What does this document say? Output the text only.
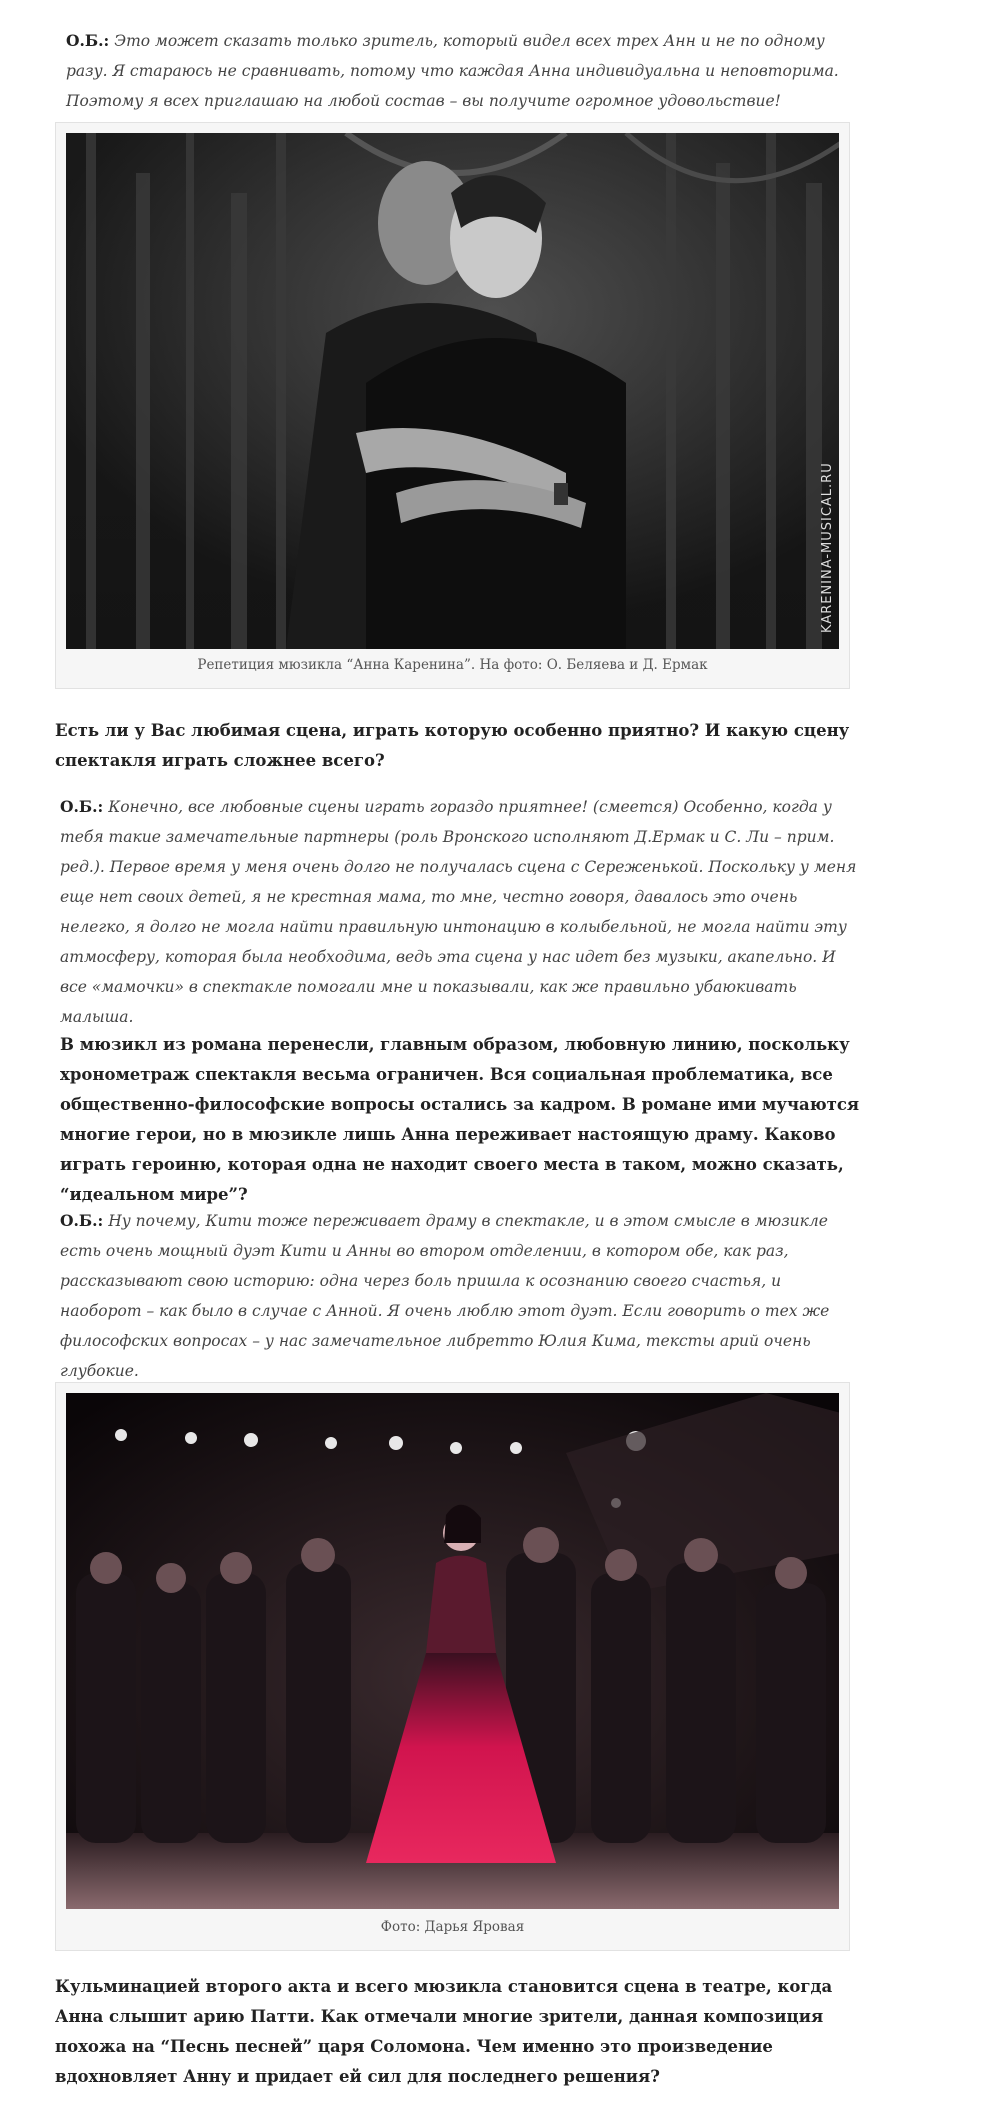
О.Б.: Это может сказать только зритель, который видел всех трех Анн и не по одному разу. Я стараюсь не сравнивать, потому что каждая Анна индивидуальна и неповторима. Поэтому я всех приглашаю на любой состав – вы получите огромное удовольствие!
KARENINA-MUSICAL.RU
Репетиция мюзикла “Анна Каренина”. На фото: О. Беляева и Д. Ермак
Есть ли у Вас любимая сцена, играть которую особенно приятно? И какую сцену спектакля играть сложнее всего?
О.Б.: Конечно, все любовные сцены играть гораздо приятнее! (смеется) Особенно, когда у тебя такие замечательные партнеры (роль Вронского исполняют Д.Ермак и С. Ли – прим. ред.). Первое время у меня очень долго не получалась сцена с Сереженькой. Поскольку у меня еще нет своих детей, я не крестная мама, то мне, честно говоря, давалось это очень нелегко, я долго не могла найти правильную интонацию в колыбельной, не могла найти эту атмосферу, которая была необходима, ведь эта сцена у нас идет без музыки, акапельно. И все «мамочки» в спектакле помогали мне и показывали, как же правильно убаюкивать малыша.
В мюзикл из романа перенесли, главным образом, любовную линию, поскольку хронометраж спектакля весьма ограничен. Вся социальная проблематика, все общественно-философские вопросы остались за кадром. В романе ими мучаются многие герои, но в мюзикле лишь Анна переживает настоящую драму. Каково играть героиню, которая одна не находит своего места в таком, можно сказать, “идеальном мире”?
О.Б.: Ну почему, Кити тоже переживает драму в спектакле, и в этом смысле в мюзикле есть очень мощный дуэт Кити и Анны во втором отделении, в котором обе, как раз, рассказывают свою историю: одна через боль пришла к осознанию своего счастья, и наоборот – как было в случае с Анной. Я очень люблю этот дуэт. Если говорить о тех же философских вопросах – у нас замечательное либретто Юлия Кима, тексты арий очень глубокие.
Фото: Дарья Яровая
Кульминацией второго акта и всего мюзикла становится сцена в театре, когда Анна слышит арию Патти. Как отмечали многие зрители, данная композиция похожа на “Песнь песней” царя Соломона. Чем именно это произведение вдохновляет Анну и придает ей сил для последнего решения?
